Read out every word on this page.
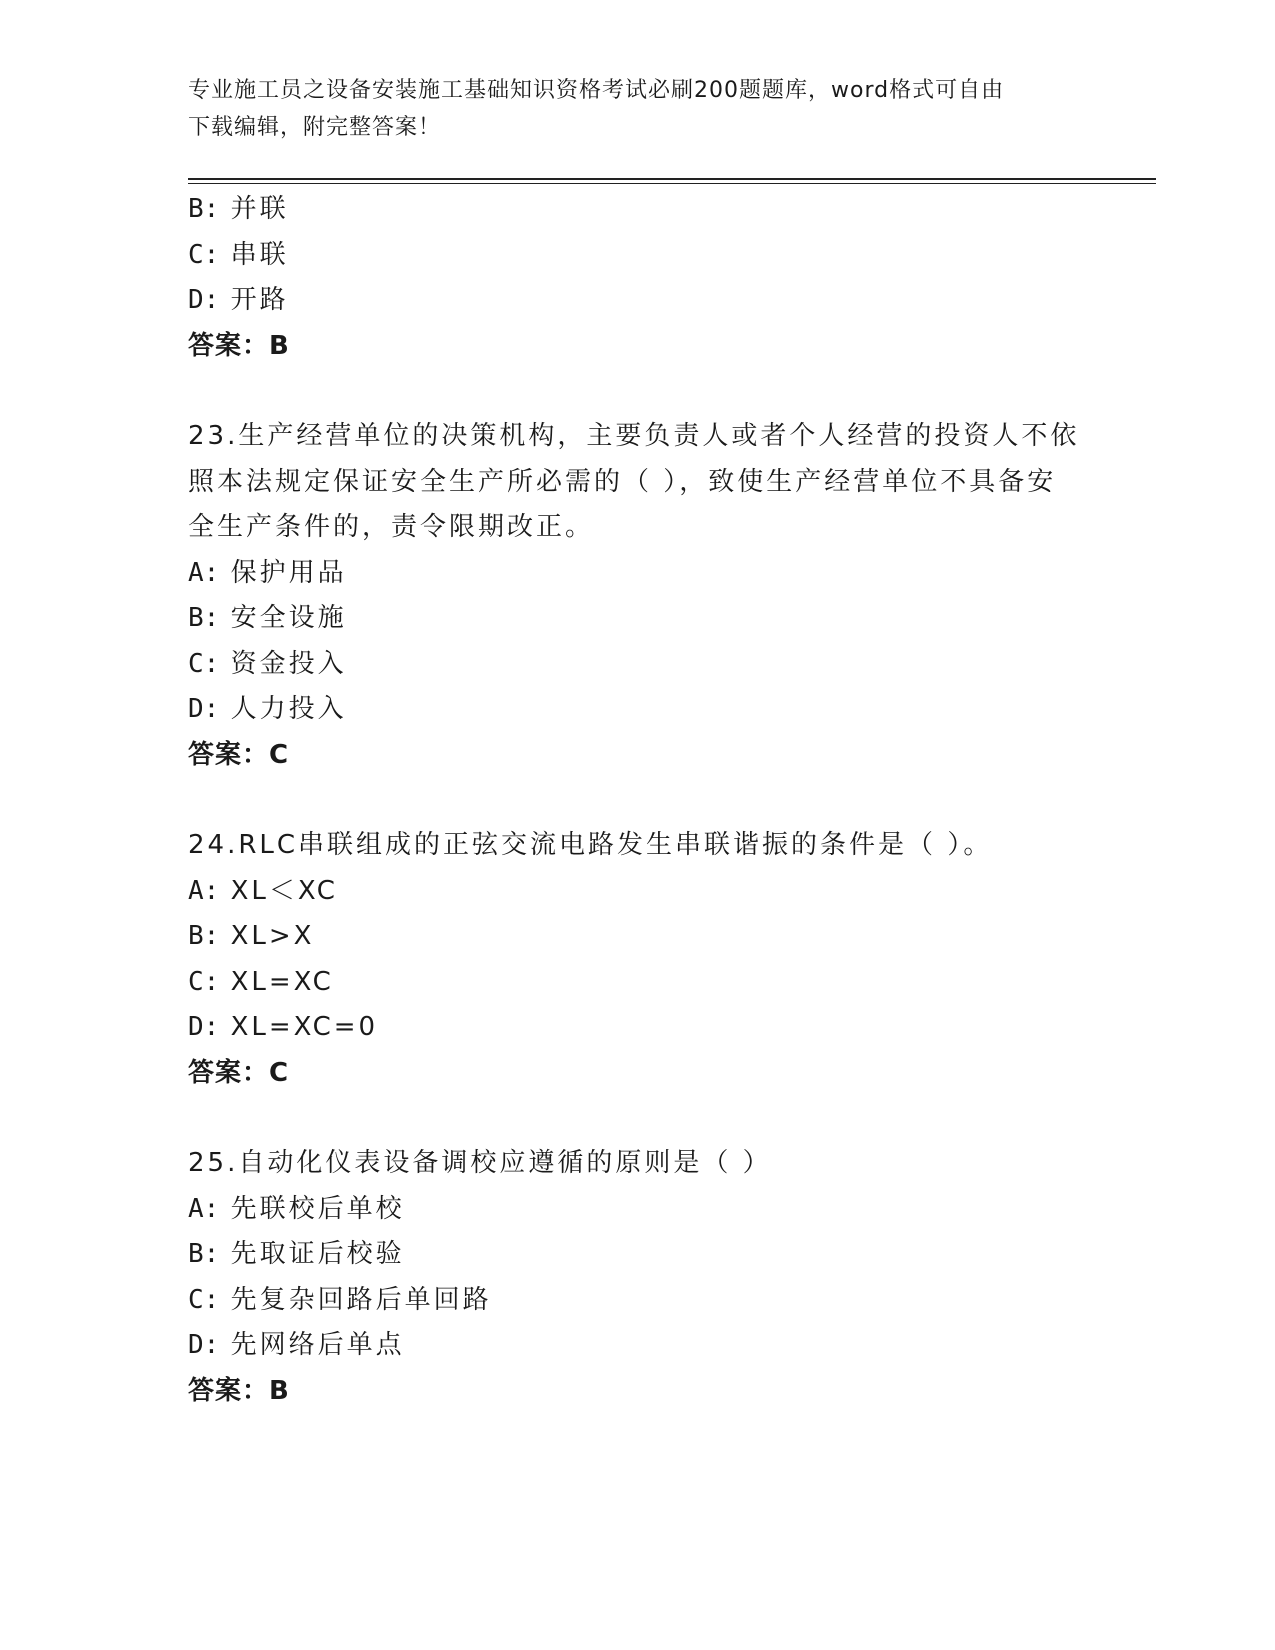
专业施工员之设备安装施工基础知识资格考试必刷200题题库，word格式可自由
下载编辑，附完整答案！

B: 并联

C: 串联

D: 开路

答案：B

23.生产经营单位的决策机构，主要负责人或者个人经营的投资人不依

照本法规定保证安全生产所必需的（ ），致使生产经营单位不具备安

全生产条件的，责令限期改正。

A: 保护用品

B: 安全设施

C: 资金投入

D: 人力投入

答案：C

24.RLC串联组成的正弦交流电路发生串联谐振的条件是（ ）。

A: XL＜XC

B: XL>X

C: XL=XC

D: XL=XC=0

答案：C

25.自动化仪表设备调校应遵循的原则是（ ）

A: 先联校后单校

B: 先取证后校验

C: 先复杂回路后单回路

D: 先网络后单点

答案：B
